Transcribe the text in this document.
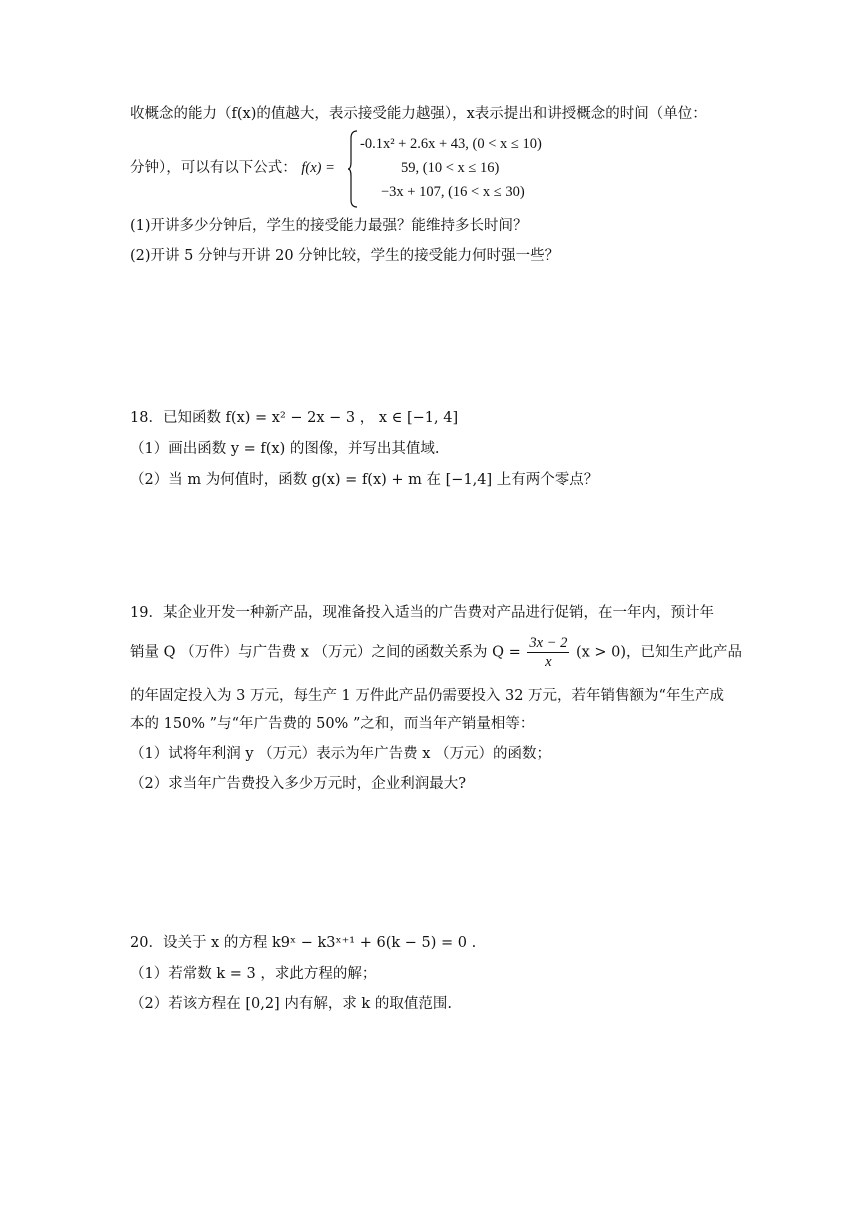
收概念的能力（f(x)的值越大，表示接受能力越强），x表示提出和讲授概念的时间（单位：
分钟），可以有以下公式： f(x) =
-0.1x² + 2.6x + 43, (0 < x ≤ 10)
59, (10 < x ≤ 16)
−3x + 107, (16 < x ≤ 30)
(1)开讲多少分钟后，学生的接受能力最强？能维持多长时间？
(2)开讲 5 分钟与开讲 20 分钟比较，学生的接受能力何时强一些？
18．已知函数 f(x) = x² − 2x − 3 ， x ∈ [−1, 4]
（1）画出函数 y = f(x) 的图像，并写出其值域.
（2）当 m 为何值时，函数 g(x) = f(x) + m 在 [−1,4] 上有两个零点？
19．某企业开发一种新产品，现准备投入适当的广告费对产品进行促销，在一年内，预计年
销量 Q （万件）与广告费 x （万元）之间的函数关系为 $Q = \frac{3x - 2}{x} (x > 0)$，已知生产此产品
的年固定投入为 3 万元，每生产 1 万件此产品仍需要投入 32 万元，若年销售额为“年生产成
本的 150% ”与“年广告费的 50% ”之和，而当年产销量相等：
（1）试将年利润 y （万元）表示为年广告费 x （万元）的函数；
（2）求当年广告费投入多少万元时，企业利润最大?
20．设关于 x 的方程 k9ˣ − k3ˣ⁺¹ + 6(k − 5) = 0 .
（1）若常数 k = 3 ，求此方程的解；
（2）若该方程在 [0,2] 内有解，求 k 的取值范围.
